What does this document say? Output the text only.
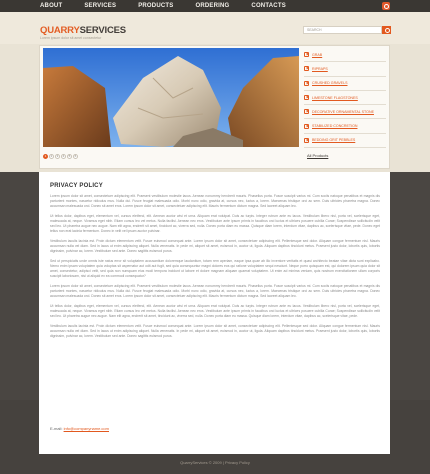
ABOUT	SERVICES	PRODUCTS	ORDERING	CONTACTS
QUARRYSERVICES
Lorem ipsum dolor sit amet consectetur
SEARCH
1	2	3	4	5	6
GRAB
RIPRAPS
CRUSHED GRAVELS
LIMESTONE FLAGSTONES
DECORATIVE ORNAMENTAL STONE
STABILIZED CONCRETION
BEDDING GRIT PEBBLES
All Products
PRIVACY POLICY

Lorem ipsum dolor sit amet, consectetuer adipiscing elit. Praesent vestibulum molestie lacus. Aenean nonummy hendrerit mauris. Phasellus porta. Fusce suscipit varius mi. Cum sociis natoque penatibus et magnis dis parturient montes, nascetur ridiculus mus. Nulla dui. Fusce feugiat malesuada odio. Morbi nunc odio, gravida at, cursus nec, luctus a, lorem. Maecenas tristique orci ac sem. Duis ultricies pharetra magna. Donec accumsan malesuada orci. Donec sit amet eros. Lorem ipsum dolor sit amet, consectetuer adipiscing elit. Mauris fermentum dictum magna. Sed laoreet aliquam leo.

Ut tellus dolor, dapibus eget, elementum vel, cursus eleifend, elit. Aenean auctor wisi et urna. Aliquam erat volutpat. Duis ac turpis. Integer rutrum ante eu lacus. Vestibulum libero nisl, porta vel, scelerisque eget, malesuada at, neque. Vivamus eget nibh. Etiam cursus leo vel metus. Nulla facilisi. Aenean nec eros. Vestibulum ante ipsum primis in faucibus orci luctus et ultrices posuere cubilia Curae; Suspendisse sollicitudin velit sed leo. Ut pharetra augue nec augue. Nam elit agna, endrerit sit amet, tincidunt ac, viverra sed, nulla. Donec porta diam eu massa. Quisque diam lorem, interdum vitae, dapibus ac, scelerisque vitae, pede. Donec eget tellus non erat lacinia fermentum. Donec in velit vel ipsum auctor pulvinar.

Vestibulum iaculis lacinia est. Proin dictum elementum velit. Fusce euismod consequat ante. Lorem ipsum dolor sit amet, consectetuer adipiscing elit. Pellentesque sed dolor. Aliquam congue fermentum nisl. Mauris accumsan nulla vel diam. Sed in lacus ut enim adipiscing aliquet. Nulla venenatis. In pede mi, aliquet sit amet, euismod in, auctor ut, ligula. Aliquam dapibus tincidunt metus. Praesent justo dolor, lobortis quis, lobortis dignissim, pulvinar ac, lorem. Vestibulum sed ante. Donec sagittis euismod purus.

Sed ut perspiciatis unde omnis iste natus error sit voluptatem accusantium doloremque laudantium, totam rem aperiam, eaque ipsa quae ab illo inventore veritatis et quasi architecto beatae vitae dicta sunt explicabo. Nemo enim ipsam voluptatem quia voluptas sit aspernatur aut odit aut fugit, sed quia consequuntur magni dolores eos qui ratione voluptatem sequi nesciunt. Neque porro quisquam est, qui dolorem ipsum quia dolor sit amet, consectetur, adipisci velit, sed quia non numquam eius modi tempora incidunt ut labore et dolore magnam aliquam quaerat voluptatem. Ut enim ad minima veniam, quis nostrum exercitationem ullam corporis suscipit laboriosam, nisi ut aliquid ex ea commodi consequatur?

Lorem ipsum dolor sit amet, consectetuer adipiscing elit. Praesent vestibulum molestie lacus. Aenean nonummy hendrerit mauris. Phasellus porta. Fusce suscipit varius mi. Cum sociis natoque penatibus et magnis dis parturient montes, nascetur ridiculus mus. Nulla dui. Fusce feugiat malesuada odio. Morbi nunc odio, gravida at, cursus nec, luctus a, lorem. Maecenas tristique orci ac sem. Duis ultricies pharetra magna. Donec accumsan malesuada orci. Donec sit amet eros. Lorem ipsum dolor sit amet, consectetuer adipiscing elit. Mauris fermentum dictum magna. Sed laoreet aliquam leo.

Ut tellus dolor, dapibus eget, elementum vel, cursus eleifend, elit. Aenean auctor wisi et urna. Aliquam erat volutpat. Duis ac turpis. Integer rutrum ante eu lacus. Vestibulum libero nisl, porta vel, scelerisque eget, malesuada at, neque. Vivamus eget nibh. Etiam cursus leo vel metus. Nulla facilisi. Aenean nec eros. Vestibulum ante ipsum primis in faucibus orci luctus et ultrices posuere cubilia Curae; Suspendisse sollicitudin velit sed leo. Ut pharetra augue nec augue. Nam elit agna, endrerit sit amet, tincidunt ac, viverra sed, nulla. Donec porta diam eu massa. Quisque diam lorem, interdum vitae, dapibus ac, scelerisque vitae, pede.

Vestibulum iaculis lacinia est. Proin dictum elementum velit. Fusce euismod consequat ante. Lorem ipsum dolor sit amet, consectetuer adipiscing elit. Pellentesque sed dolor. Aliquam congue fermentum nisl. Mauris accumsan nulla vel diam. Sed in lacus ut enim adipiscing aliquet. Nulla venenatis. In pede mi, aliquet sit amet, euismod in, auctor ut, ligula. Aliquam dapibus tincidunt metus. Praesent justo dolor, lobortis quis, lobortis dignissim, pulvinar ac, lorem. Vestibulum sed ante. Donec sagittis euismod purus.

E-mail: info@companyname.com
QuarryServices © 2009 | Privacy Policy
